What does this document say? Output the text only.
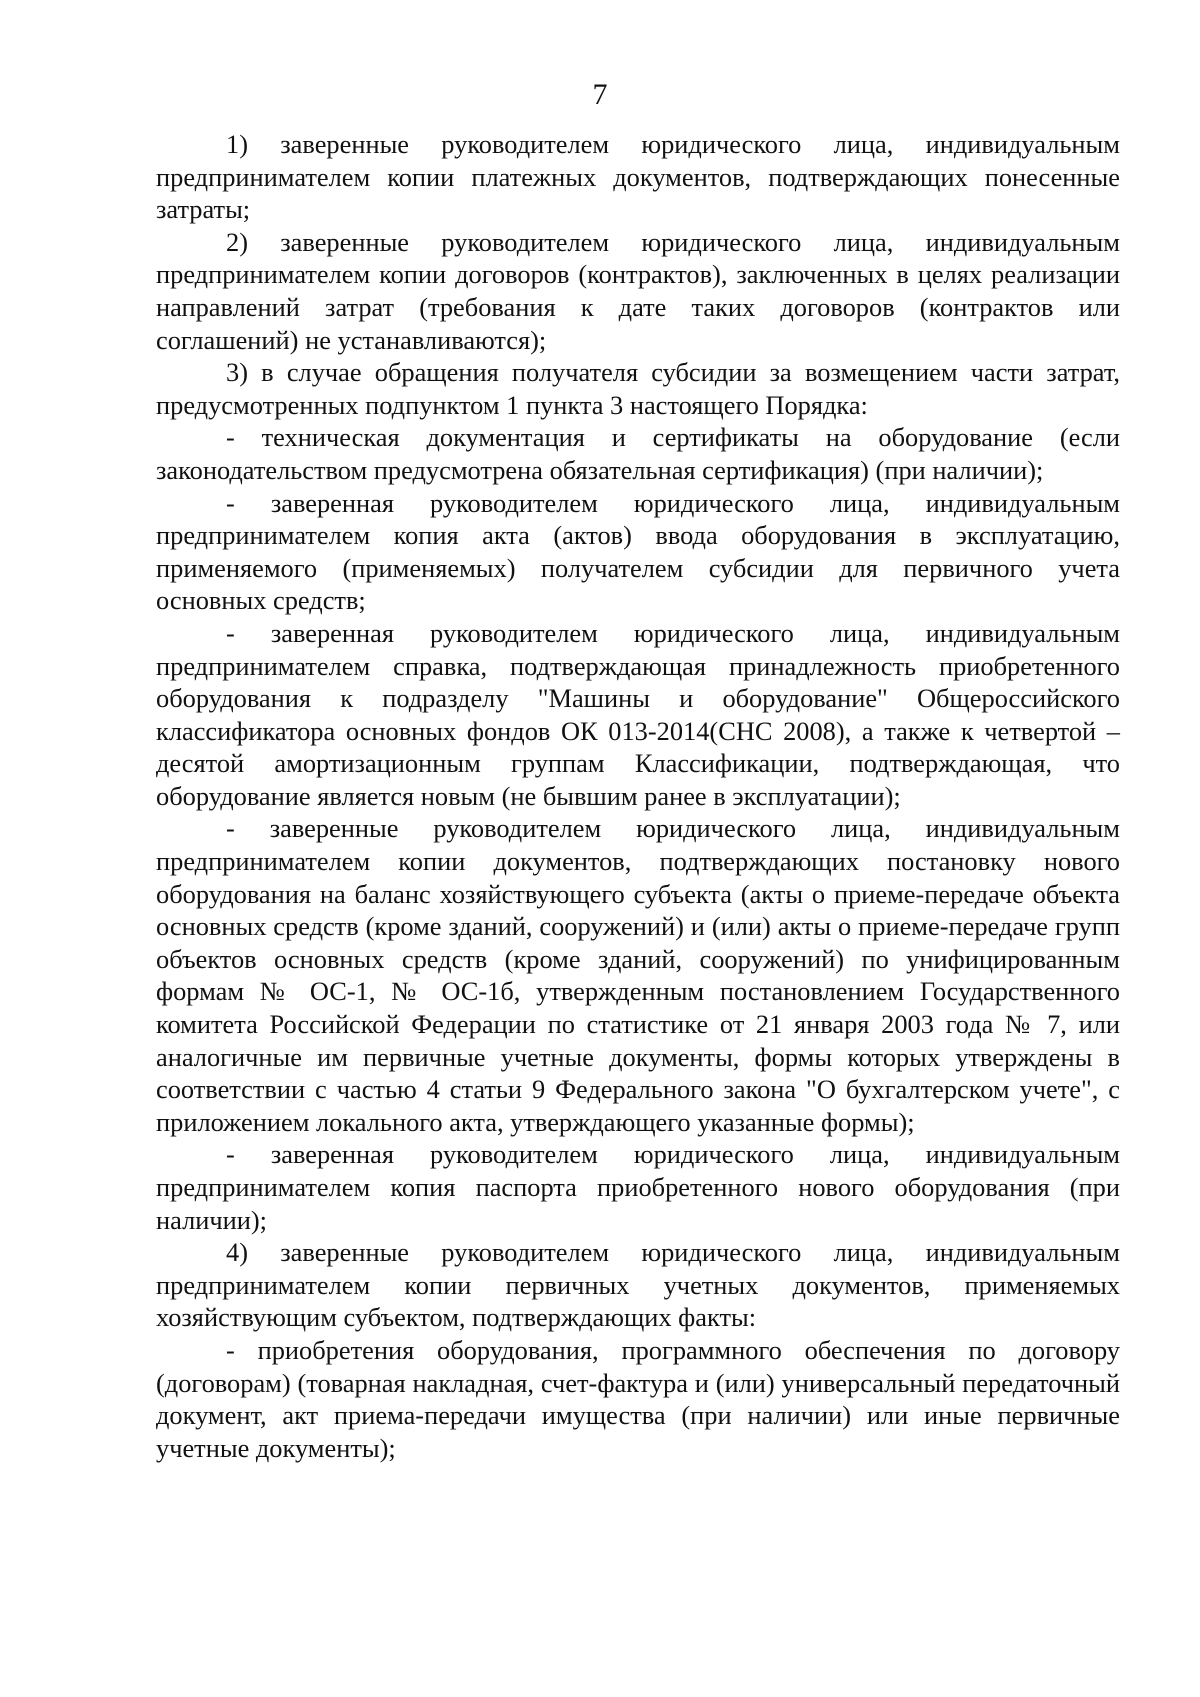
7

1) заверенные руководителем юридического лица, индивидуальным предпринимателем копии платежных документов, подтверждающих понесенные затраты;

2) заверенные руководителем юридического лица, индивидуальным предпринимателем копии договоров (контрактов), заключенных в целях реализации направлений затрат (требования к дате таких договоров (контрактов или соглашений) не устанавливаются);

3) в случае обращения получателя субсидии за возмещением части затрат, предусмотренных подпунктом 1 пункта 3 настоящего Порядка:

- техническая документация и сертификаты на оборудование (если законодательством предусмотрена обязательная сертификация) (при наличии);

- заверенная руководителем юридического лица, индивидуальным предпринимателем копия акта (актов) ввода оборудования в эксплуатацию, применяемого (применяемых) получателем субсидии для первичного учета основных средств;

- заверенная руководителем юридического лица, индивидуальным предпринимателем справка, подтверждающая принадлежность приобретенного оборудования к подразделу "Машины и оборудование" Общероссийского классификатора основных фондов ОК 013-2014(СНС 2008), а также к четвертой – десятой амортизационным группам Классификации, подтверждающая, что оборудование является новым (не бывшим ранее в эксплуатации);

- заверенные руководителем юридического лица, индивидуальным предпринимателем копии документов, подтверждающих постановку нового оборудования на баланс хозяйствующего субъекта (акты о приеме-передаче объекта основных средств (кроме зданий, сооружений) и (или) акты о приеме-передаче групп объектов основных средств (кроме зданий, сооружений) по унифицированным формам № ОС-1, № ОС-1б, утвержденным постановлением Государственного комитета Российской Федерации по статистике от 21 января 2003 года № 7, или аналогичные им первичные учетные документы, формы которых утверждены в соответствии с частью 4 статьи 9 Федерального закона "О бухгалтерском учете", с приложением локального акта, утверждающего указанные формы);

- заверенная руководителем юридического лица, индивидуальным предпринимателем копия паспорта приобретенного нового оборудования (при наличии);

4) заверенные руководителем юридического лица, индивидуальным предпринимателем копии первичных учетных документов, применяемых хозяйствующим субъектом, подтверждающих факты:

- приобретения оборудования, программного обеспечения по договору (договорам) (товарная накладная, счет-фактура и (или) универсальный передаточный документ, акт приема-передачи имущества (при наличии) или иные первичные учетные документы);
